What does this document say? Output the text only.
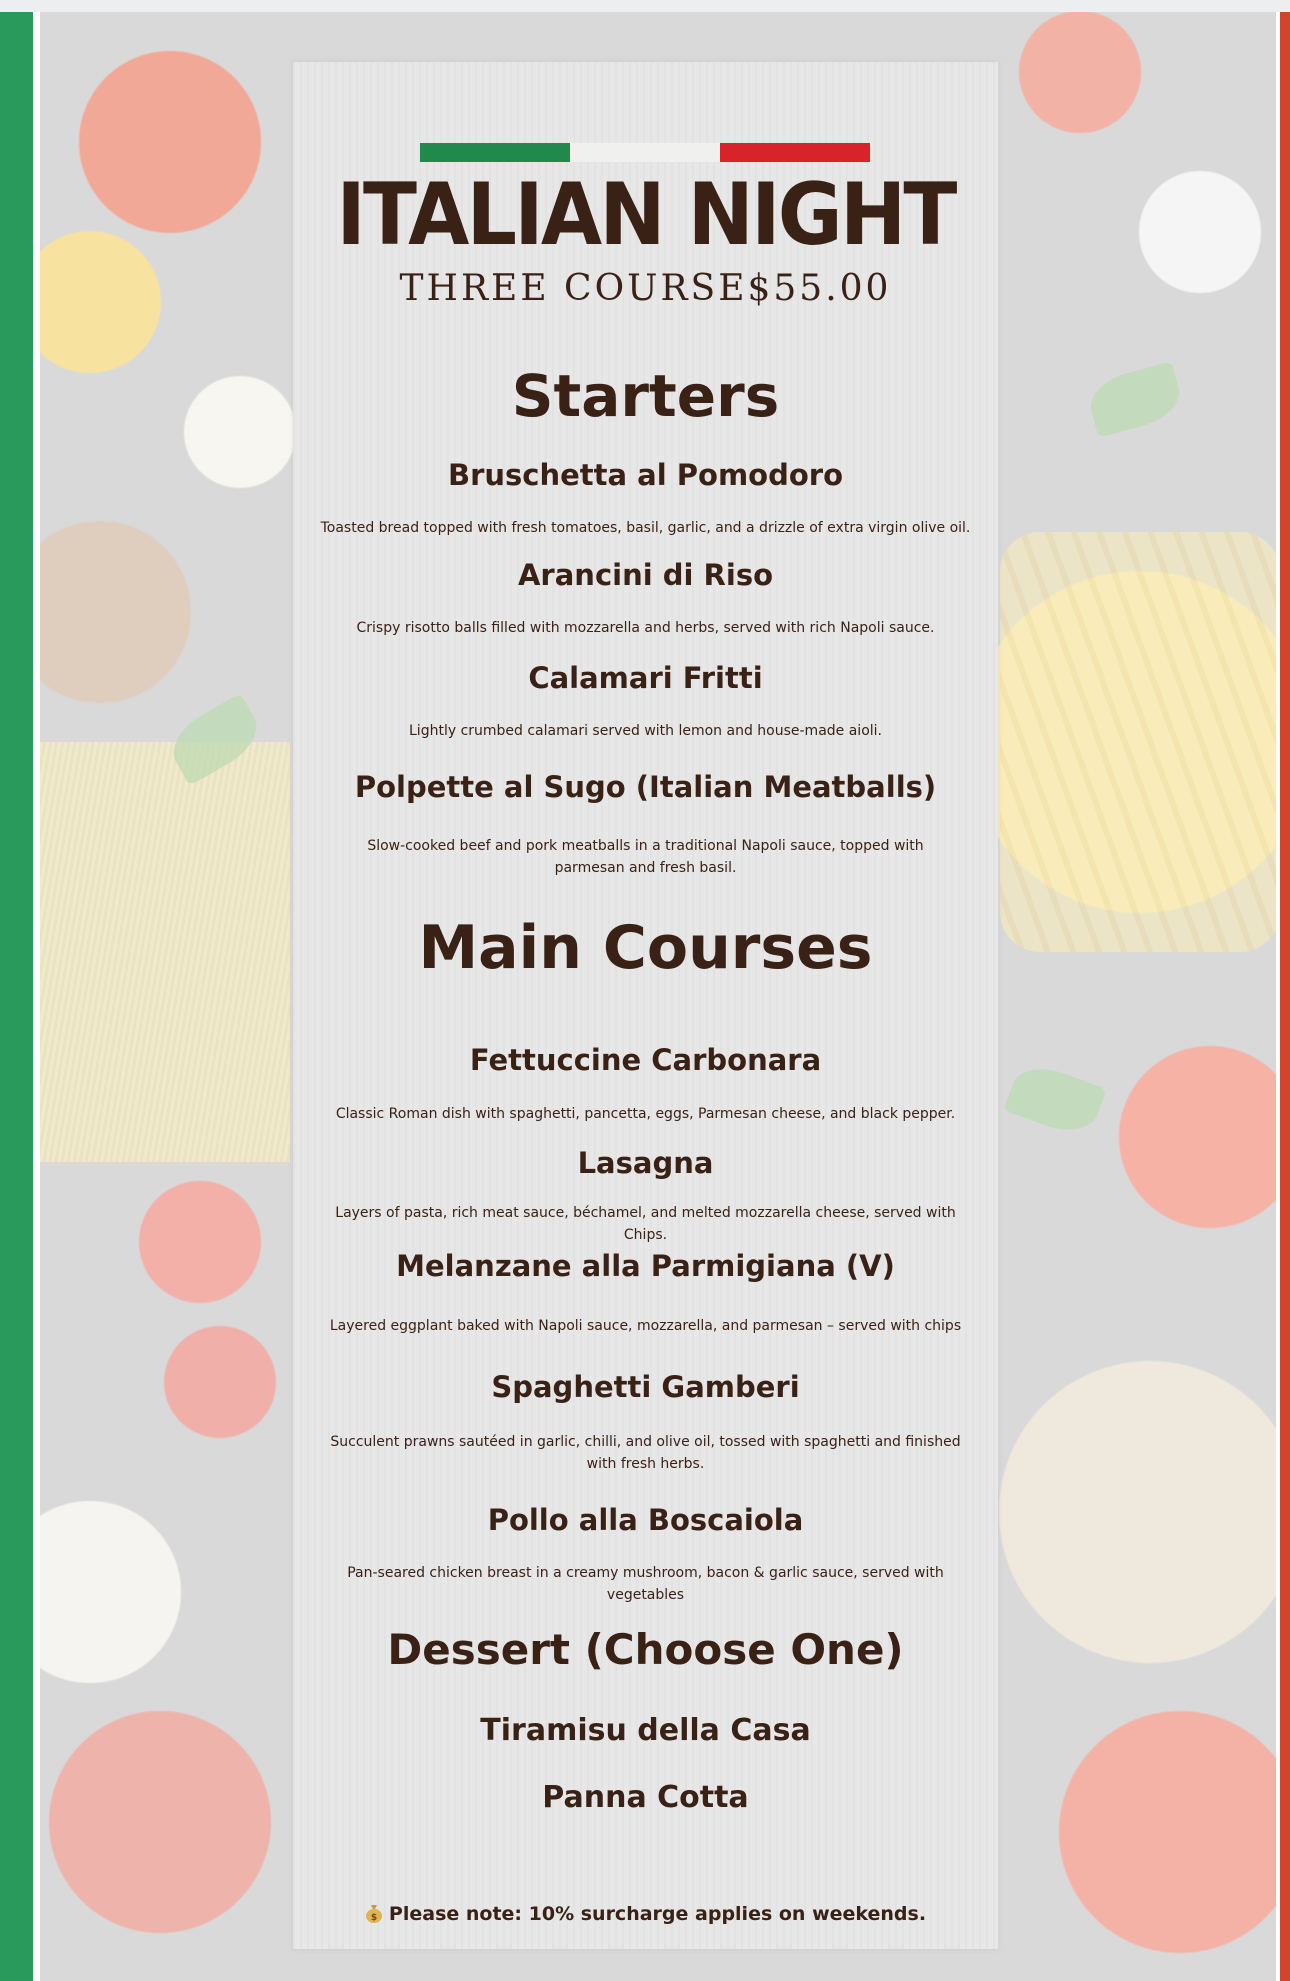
ITALIAN NIGHT
THREE COURSE$55.00
Starters
Bruschetta al Pomodoro
Toasted bread topped with fresh tomatoes, basil, garlic, and a drizzle of extra virgin olive oil.
Arancini di Riso
Crispy risotto balls filled with mozzarella and herbs, served with rich Napoli sauce.
Calamari Fritti
Lightly crumbed calamari served with lemon and house-made aioli.
Polpette al Sugo (Italian Meatballs)
Slow-cooked beef and pork meatballs in a traditional Napoli sauce, topped with parmesan and fresh basil.
Main Courses
Fettuccine Carbonara
Classic Roman dish with spaghetti, pancetta, eggs, Parmesan cheese, and black pepper.
Lasagna
Layers of pasta, rich meat sauce, béchamel, and melted mozzarella cheese, served with Chips.
Melanzane alla Parmigiana (V)
Layered eggplant baked with Napoli sauce, mozzarella, and parmesan – served with chips
Spaghetti Gamberi
Succulent prawns sautéed in garlic, chilli, and olive oil, tossed with spaghetti and finished with fresh herbs.
Pollo alla Boscaiola
Pan-seared chicken breast in a creamy mushroom, bacon & garlic sauce, served with vegetables
Dessert (Choose One)
Tiramisu della Casa
Panna Cotta
$ Please note: 10% surcharge applies on weekends.
